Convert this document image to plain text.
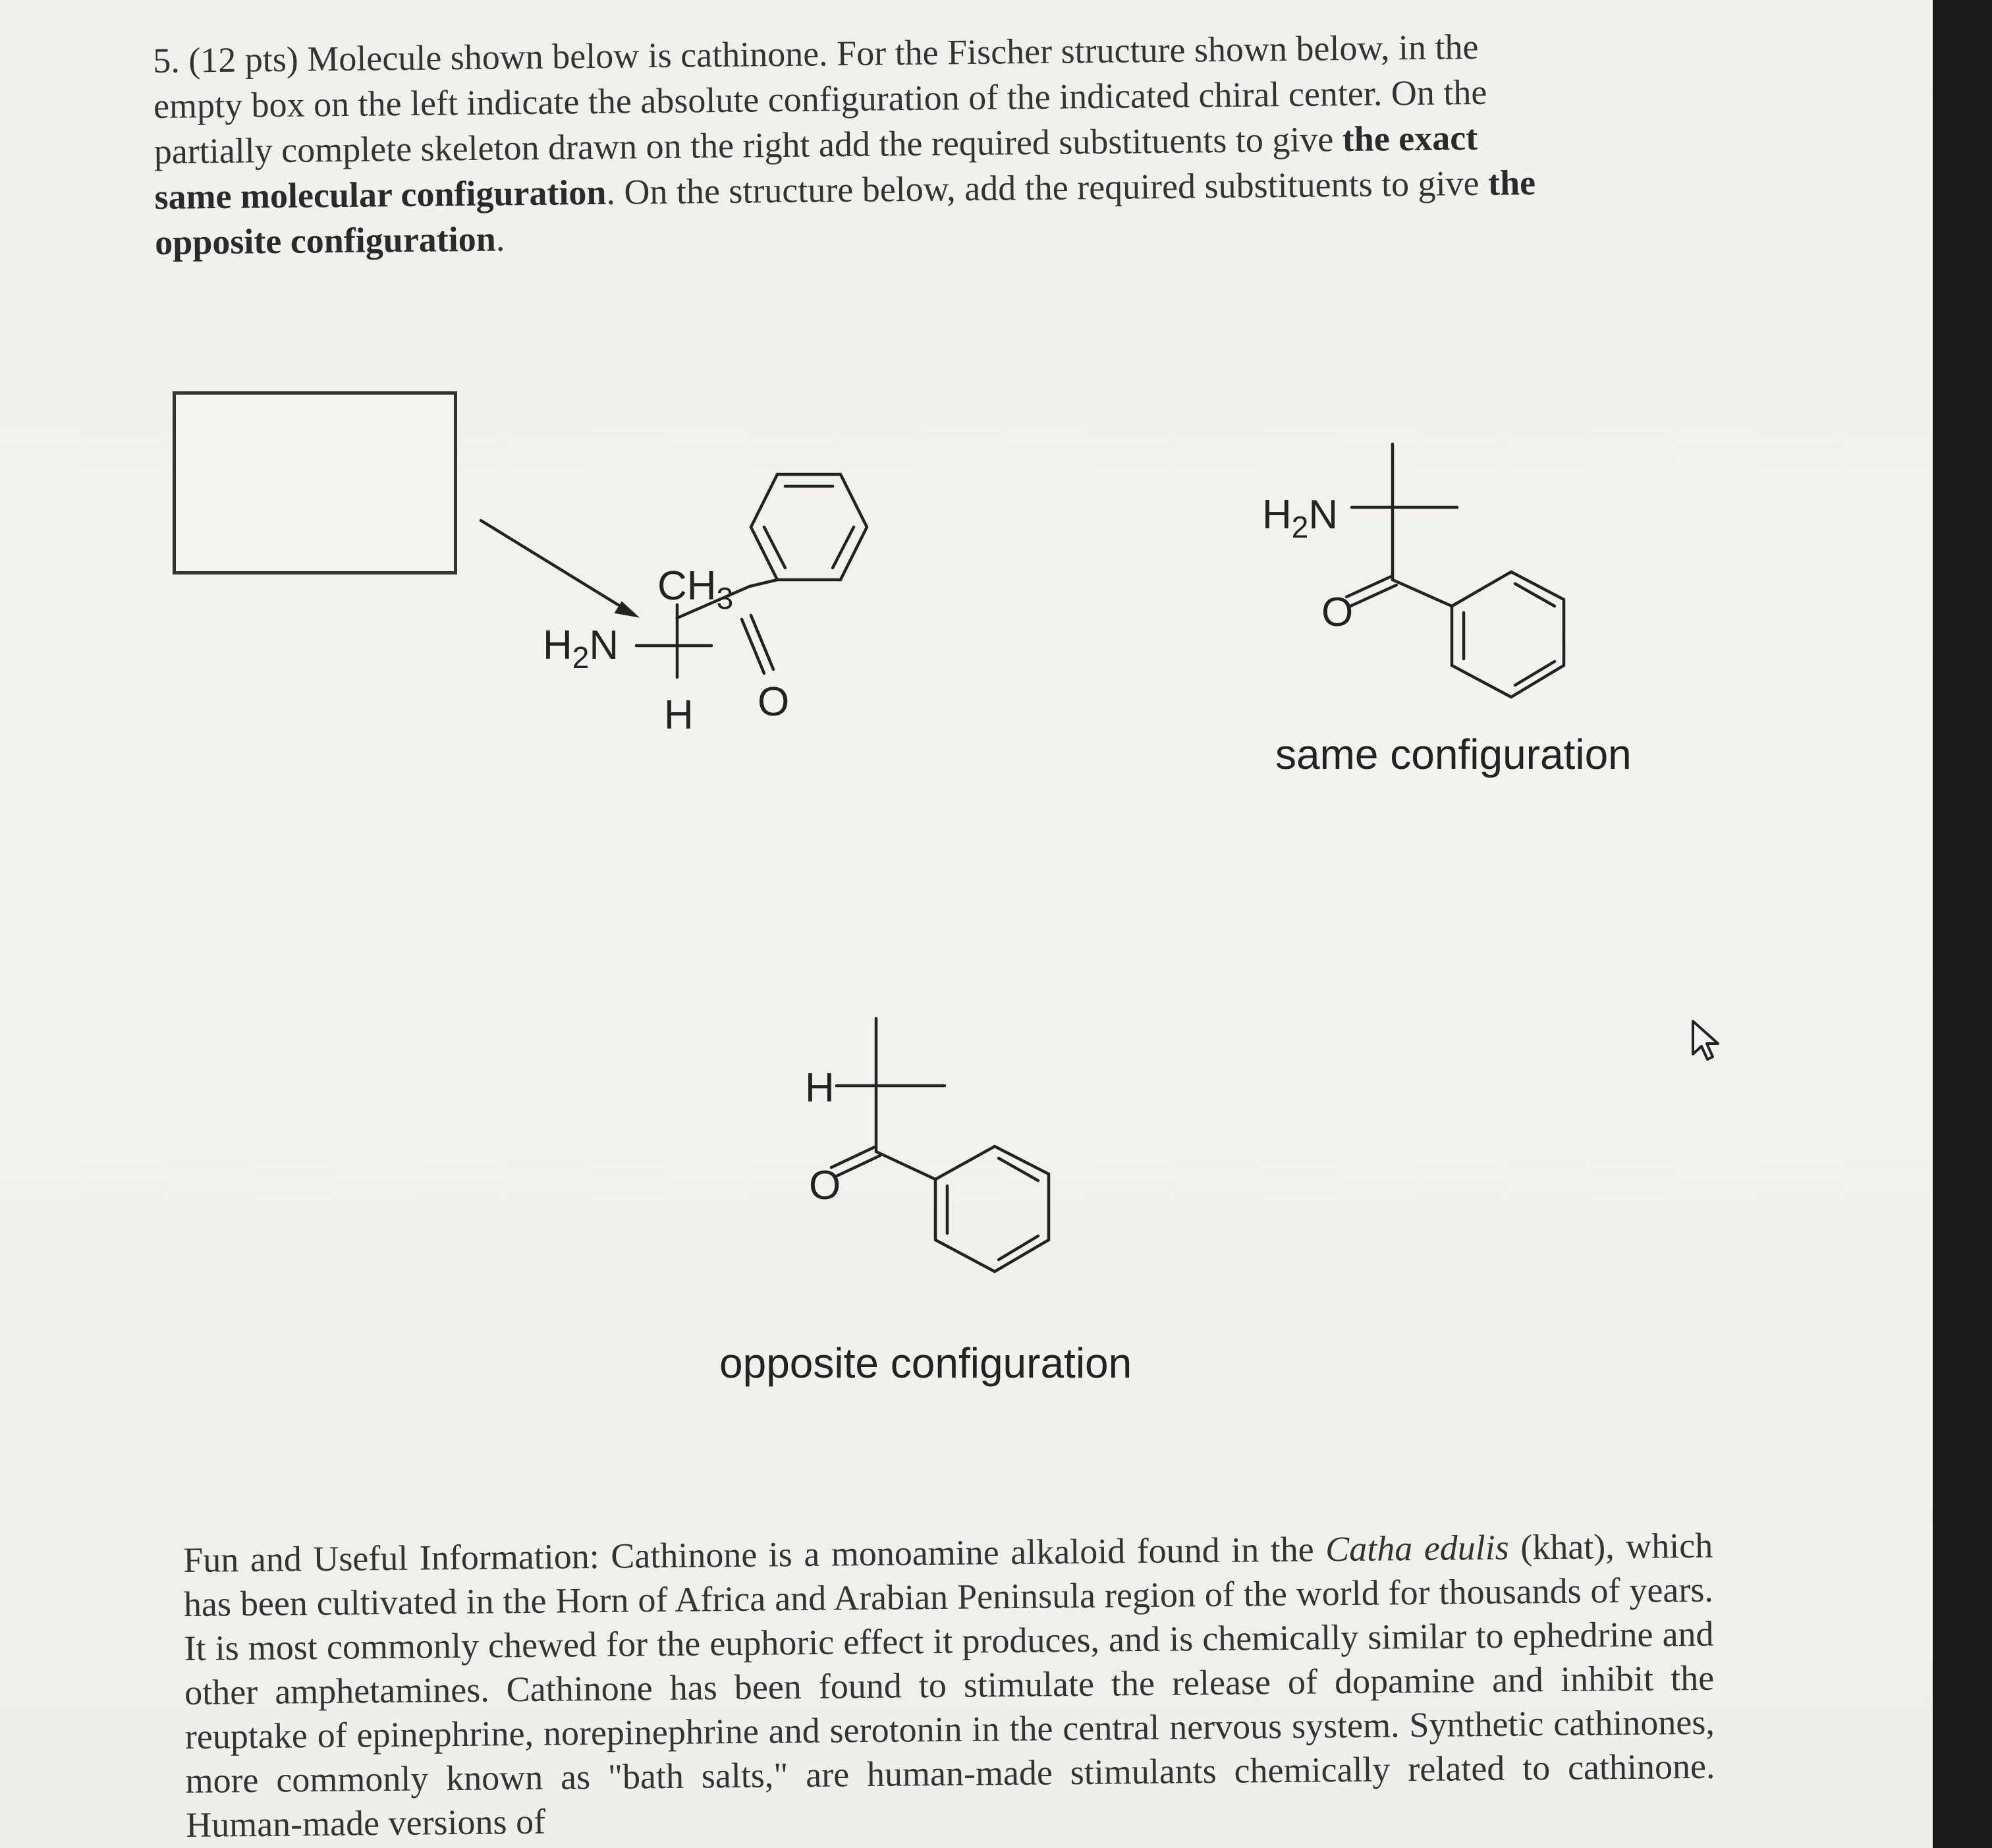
5. (12 pts) Molecule shown below is cathinone. For the Fischer structure shown below, in the
empty box on the left indicate the absolute configuration of the indicated chiral center. On the
partially complete skeleton drawn on the right add the required substituents to give the exact
same molecular configuration. On the structure below, add the required substituents to give the
opposite configuration.
$CH_3$
$H_2N$
H O
$H_2N$
O
H
O
same configuration
opposite configuration
Fun and Useful Information: Cathinone is a monoamine alkaloid found in the Catha edulis (khat), which has been cultivated in the Horn of Africa and Arabian Peninsula region of the world for thousands of years. It is most commonly chewed for the euphoric effect it produces, and is chemically similar to ephedrine and other amphetamines. Cathinone has been found to stimulate the release of dopamine and inhibit the reuptake of epinephrine, norepinephrine and serotonin in the central nervous system. Synthetic cathinones, more commonly known as "bath salts," are human-made stimulants chemically related to cathinone. Human-made versions of
